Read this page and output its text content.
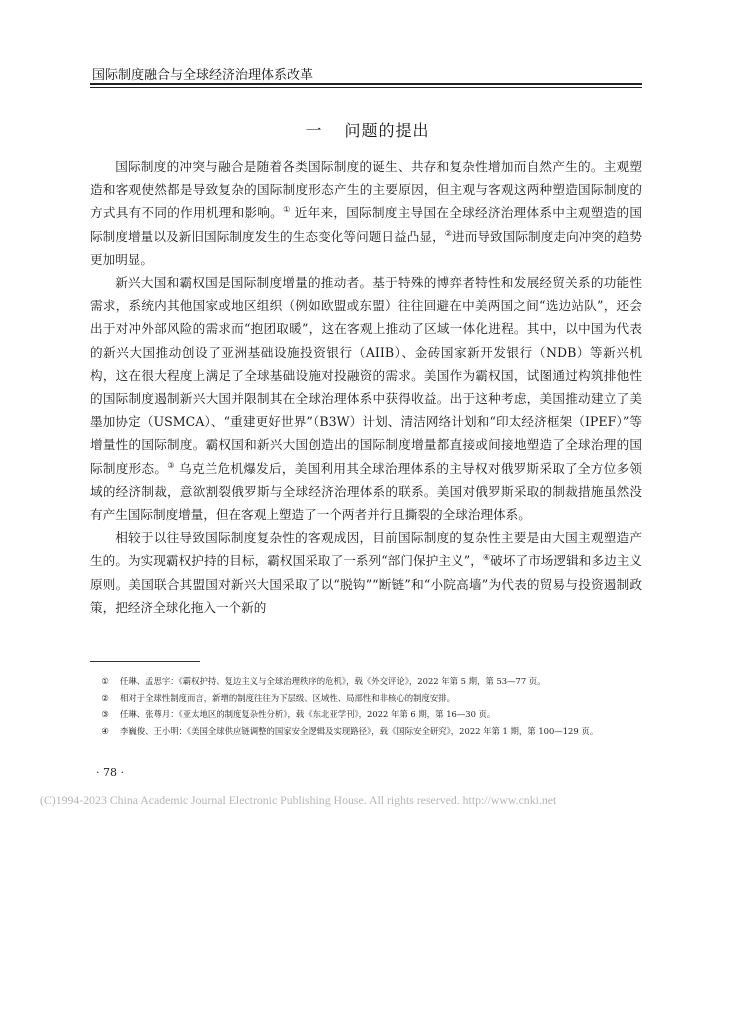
国际制度融合与全球经济治理体系改革
一 问题的提出

国际制度的冲突与融合是随着各类国际制度的诞生、共存和复杂性增加而自然产生的。主观塑造和客观使然都是导致复杂的国际制度形态产生的主要原因，但主观与客观这两种塑造国际制度的方式具有不同的作用机理和影响。① 近年来，国际制度主导国在全球经济治理体系中主观塑造的国际制度增量以及新旧国际制度发生的生态变化等问题日益凸显，②进而导致国际制度走向冲突的趋势更加明显。

新兴大国和霸权国是国际制度增量的推动者。基于特殊的博弈者特性和发展经贸关系的功能性需求，系统内其他国家或地区组织（例如欧盟或东盟）往往回避在中美两国之间“选边站队”，还会出于对冲外部风险的需求而“抱团取暖”，这在客观上推动了区域一体化进程。其中，以中国为代表的新兴大国推动创设了亚洲基础设施投资银行（AIIB）、金砖国家新开发银行（NDB）等新兴机构，这在很大程度上满足了全球基础设施对投融资的需求。美国作为霸权国，试图通过构筑排他性的国际制度遏制新兴大国并限制其在全球治理体系中获得收益。出于这种考虑，美国推动建立了美墨加协定（USMCA）、“重建更好世界”（B3W）计划、清洁网络计划和“印太经济框架（IPEF）”等增量性的国际制度。霸权国和新兴大国创造出的国际制度增量都直接或间接地塑造了全球治理的国际制度形态。③ 乌克兰危机爆发后，美国利用其全球治理体系的主导权对俄罗斯采取了全方位多领域的经济制裁，意欲割裂俄罗斯与全球经济治理体系的联系。美国对俄罗斯采取的制裁措施虽然没有产生国际制度增量，但在客观上塑造了一个两者并行且撕裂的全球治理体系。

相较于以往导致国际制度复杂性的客观成因，目前国际制度的复杂性主要是由大国主观塑造产生的。为实现霸权护持的目标，霸权国采取了一系列“部门保护主义”，④破坏了市场逻辑和多边主义原则。美国联合其盟国对新兴大国采取了以“脱钩”“断链”和“小院高墙”为代表的贸易与投资遏制政策，把经济全球化拖入一个新的

①	任琳、孟思宇：《霸权护持、复边主义与全球治理秩序的危机》，载《外交评论》，2022 年第 5 期，第 53—77 页。
②	相对于全球性制度而言，新增的制度往往为下层级、区域性、局部性和非核心的制度安排。
③	任琳、张尊月：《亚太地区的制度复杂性分析》，载《东北亚学刊》，2022 年第 6 期，第 16—30 页。
④	李巍俊、王小明：《美国全球供应链调整的国家安全逻辑及实现路径》，载《国际安全研究》，2022 年第 1 期，第 100—129 页。
· 78 ·
(C)1994-2023 China Academic Journal Electronic Publishing House. All rights reserved. http://www.cnki.net
